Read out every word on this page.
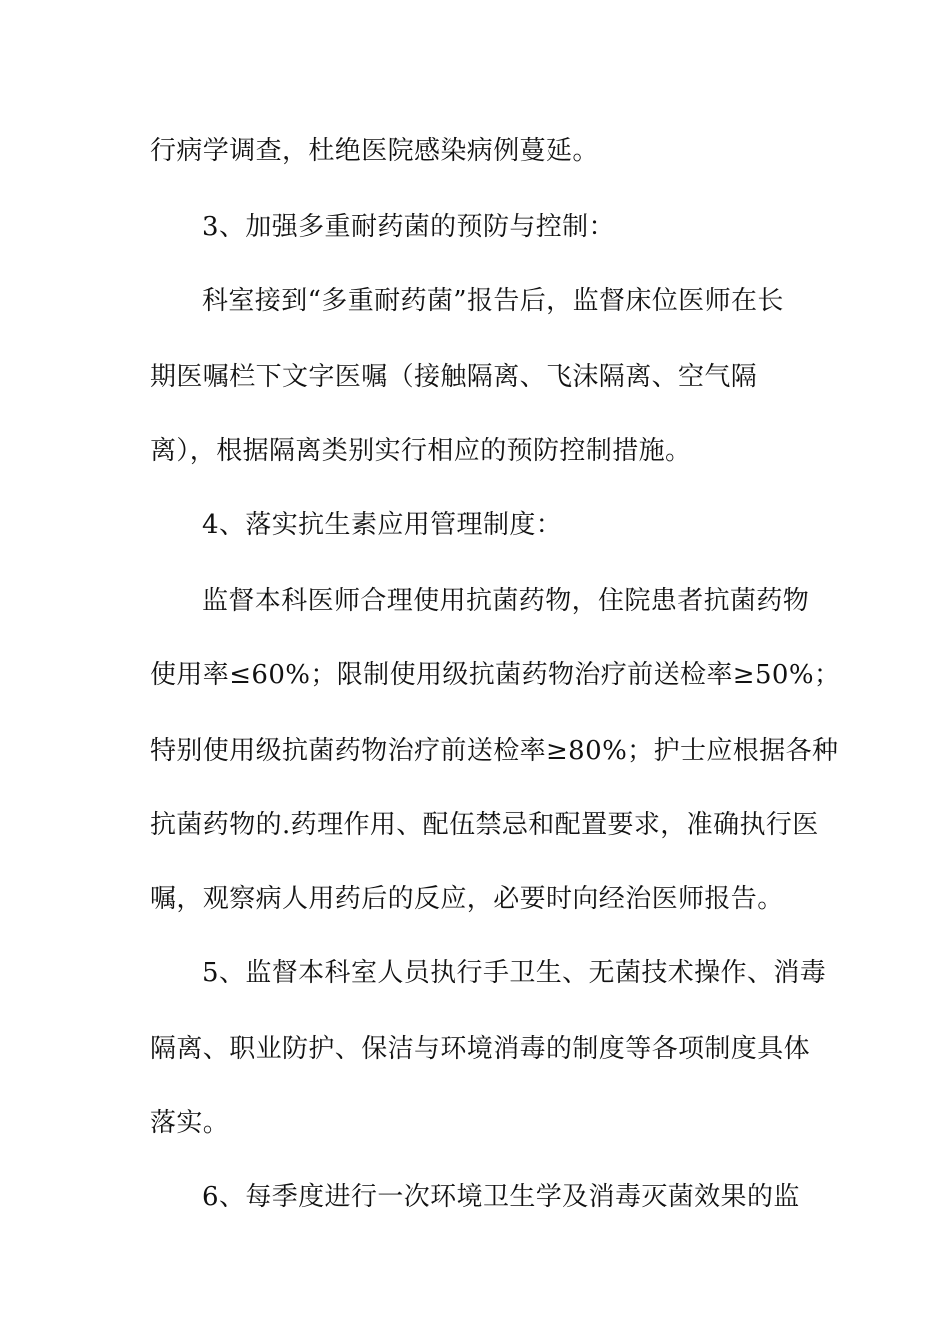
行病学调查，杜绝医院感染病例蔓延。
3、加强多重耐药菌的预防与控制：
科室接到“多重耐药菌”报告后，监督床位医师在长
期医嘱栏下文字医嘱（接触隔离、飞沫隔离、空气隔
离），根据隔离类别实行相应的预防控制措施。
4、落实抗生素应用管理制度：
监督本科医师合理使用抗菌药物，住院患者抗菌药物
使用率≤60%；限制使用级抗菌药物治疗前送检率≥50%；
特别使用级抗菌药物治疗前送检率≥80%；护士应根据各种
抗菌药物的.药理作用、配伍禁忌和配置要求，准确执行医
嘱，观察病人用药后的反应，必要时向经治医师报告。
5、监督本科室人员执行手卫生、无菌技术操作、消毒
隔离、职业防护、保洁与环境消毒的制度等各项制度具体
落实。
6、每季度进行一次环境卫生学及消毒灭菌效果的监
